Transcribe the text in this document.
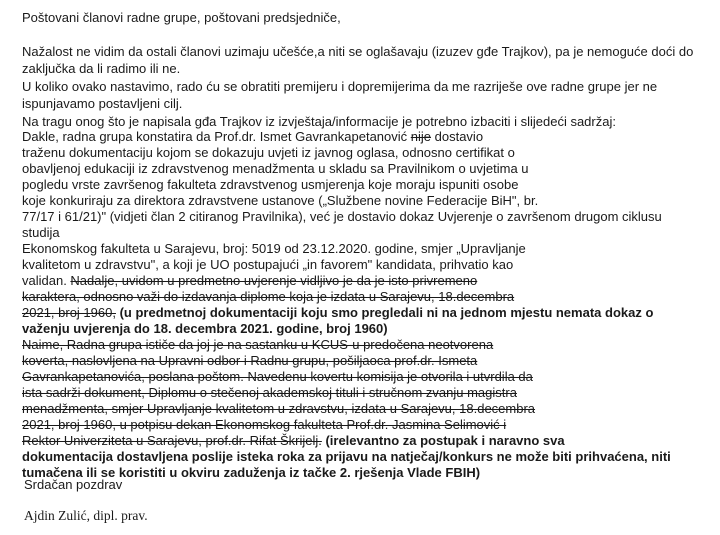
Poštovani članovi radne grupe, poštovani predsjedniče,
Nažalost ne vidim da ostali članovi uzimaju učešće,a niti se oglašavaju (izuzev gđe Trajkov), pa je nemoguće doći do
zaključka da li radimo ili ne.
U koliko ovako nastavimo, rado ću se obratiti premijeru i dopremijerima da me razriješe ove radne grupe jer ne
ispunjavamo postavljeni cilj.
Na tragu onog što je napisala gđa Trajkov iz izvještaja/informacije je potrebno izbaciti i slijedeći sadržaj:
Dakle, radna grupa konstatira da Prof.dr. Ismet Gavrankapetanović nije dostavio
traženu dokumentaciju kojom se dokazuju uvjeti iz javnog oglasa, odnosno certifikat o
obavljenoj edukaciji iz zdravstvenog menadžmenta u skladu sa Pravilnikom o uvjetima u
pogledu vrste završenog fakulteta zdravstvenog usmjerenja koje moraju ispuniti osobe
koje konkuriraju za direktora zdravstvene ustanove („Službene novine Federacije BiH", br.
77/17 i 61/21)" (vidjeti član 2 citiranog Pravilnika), već je dostavio dokaz Uvjerenje o završenom drugom ciklusu
studija
Ekonomskog fakulteta u Sarajevu, broj: 5019 od 23.12.2020. godine, smjer „Upravljanje
kvalitetom u zdravstvu", a koji je UO postupajući „in favorem" kandidata, prihvatio kao
validan. Nadalje, uvidom u predmetno uvjerenje vidljivo je da je isto privremeno
karaktera, odnosno važi do izdavanja diplome koja je izdata u Sarajevu, 18.decembra
2021, broj 1960, (u predmetnoj dokumentaciji koju smo pregledali ni na jednom mjestu nemata dokaz o
važenju uvjerenja do 18. decembra 2021. godine, broj 1960)
Naime, Radna grupa ističe da joj je na sastanku u KCUS-u predočena neotvorena
koverta, naslovljena na Upravni odbor i Radnu grupu, pošiljaoca prof.dr. Ismeta
Gavrankapetanovića, poslana poštom. Navedenu kovertu komisija je otvorila i utvrdila da
ista sadrži dokument, Diplomu o stečenoj akademskoj tituli i stručnom zvanju magistra
menadžmenta, smjer Upravljanje kvalitetom u zdravstvu, izdata u Sarajevu, 18.decembra
2021, broj 1960, u potpisu dekan Ekonomskog fakulteta Prof.dr. Jasmina Selimović i
Rektor Univerziteta u Sarajevu, prof.dr. Rifat Škrijelj. (irelevantno za postupak i naravno sva
dokumentacija dostavljena poslije isteka roka za prijavu na natječaj/konkurs ne može biti prihvaćena, niti
tumačena ili se koristiti u okviru zaduženja iz tačke 2. rješenja Vlade FBIH)
Srdačan pozdrav
Ajdin Zulić, dipl. prav.
